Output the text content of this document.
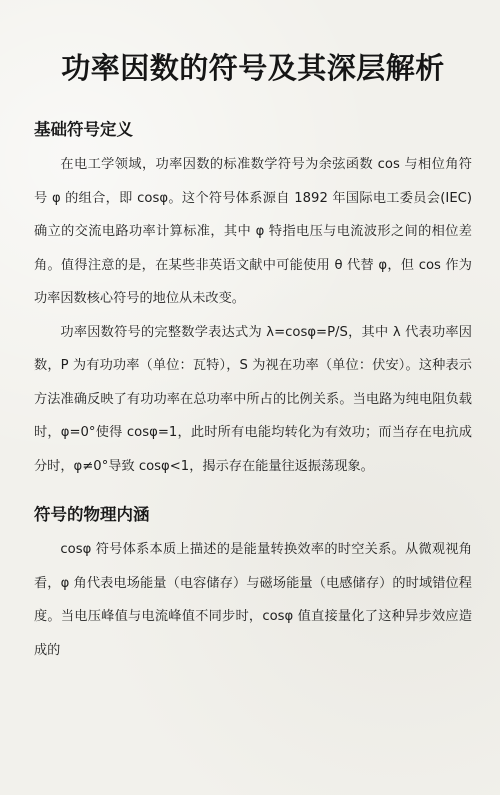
功率因数的符号及其深层解析
基础符号定义

在电工学领域，功率因数的标准数学符号为余弦函数 cos 与相位角符号 φ 的组合，即 cosφ。这个符号体系源自 1892 年国际电工委员会(IEC)确立的交流电路功率计算标准，其中 φ 特指电压与电流波形之间的相位差角。值得注意的是，在某些非英语文献中可能使用 θ 代替 φ，但 cos 作为功率因数核心符号的地位从未改变。

功率因数符号的完整数学表达式为 λ=cosφ=P/S，其中 λ 代表功率因数，P 为有功功率（单位：瓦特），S 为视在功率（单位：伏安）。这种表示方法准确反映了有功功率在总功率中所占的比例关系。当电路为纯电阻负载时，φ=0°使得 cosφ=1，此时所有电能均转化为有效功；而当存在电抗成分时，φ≠0°导致 cosφ<1，揭示存在能量往返振荡现象。

符号的物理内涵

cosφ 符号体系本质上描述的是能量转换效率的时空关系。从微观视角看，φ 角代表电场能量（电容储存）与磁场能量（电感储存）的时域错位程度。当电压峰值与电流峰值不同步时，cosφ 值直接量化了这种异步效应造成的
